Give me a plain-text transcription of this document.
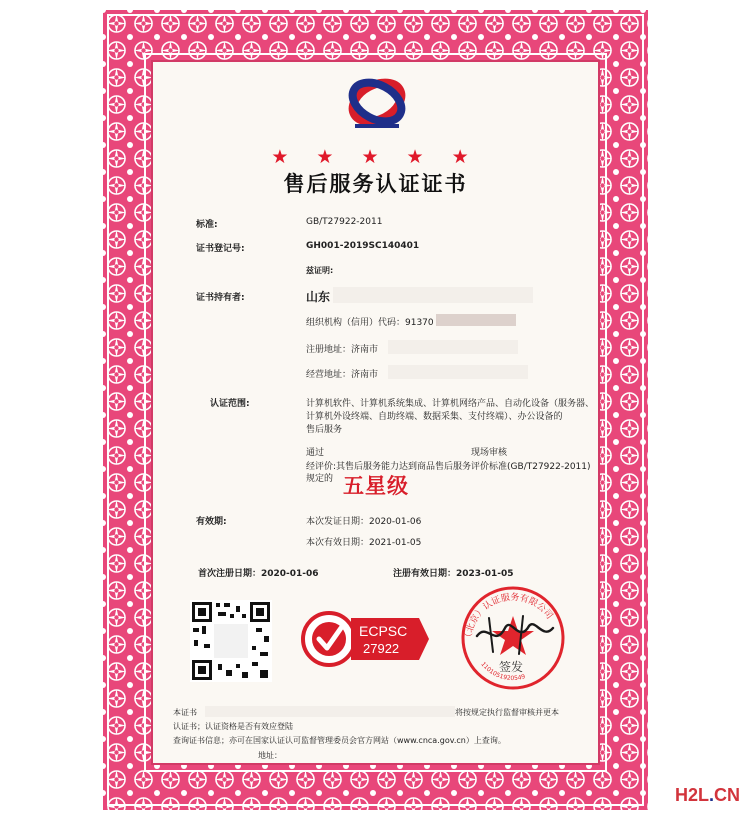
★ ★ ★ ★ ★
售后服务认证证书
标准:	GB/T27922-2011
证书登记号:	GH001-2019SC140401
兹证明:
证书持有者:	山东
组织机构（信用）代码：91370
注册地址：济南市
经营地址：济南市
认证范围:	计算机软件、计算机系统集成、计算机网络产品、自动化设备（服务器、
计算机外设终端、自助终端、数据采集、支付终端）、办公设备的
售后服务
通过	现场审核
经评价:其售后服务能力达到商品售后服务评价标准(GB/T27922-2011)
规定的 五星级
有效期:	本次发证日期：2020-01-06
本次有效日期：2021-01-05
首次注册日期：2020-01-06	注册有效日期：2023-01-05
ECPSC
27922
（北京）认证服务有限公司
1101051920549
签发
本证书	将按规定执行监督审核并更本
认证书；认证资格是否有效应登陆
查询证书信息；亦可在国家认证认可监督管理委员会官方网站（www.cnca.gov.cn）上查询。
地址：
H2L.CN
